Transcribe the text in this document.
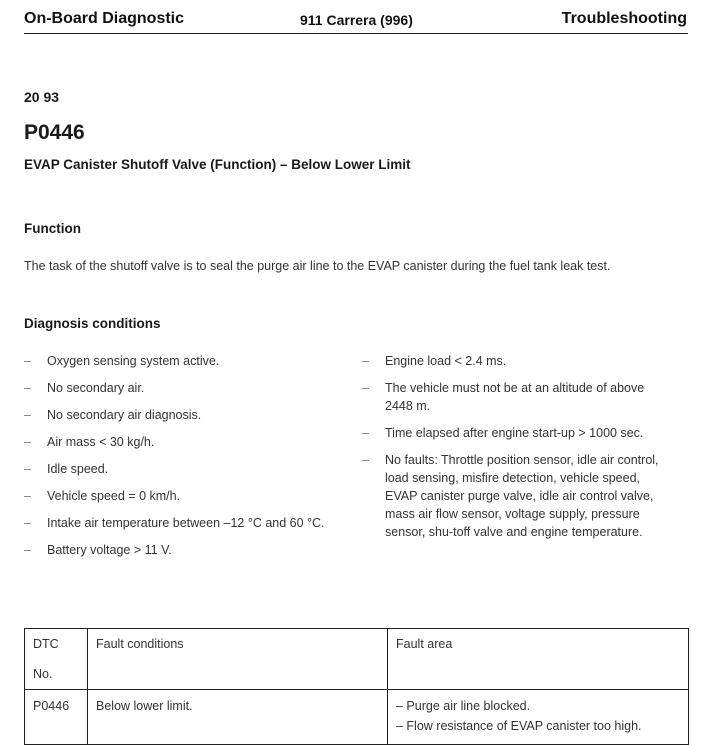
On-Board Diagnostic	911 Carrera (996)	Troubleshooting
20 93
P0446
EVAP Canister Shutoff Valve (Function) – Below Lower Limit
Function
The task of the shutoff valve is to seal the purge air line to the EVAP canister during the fuel tank leak test.
Diagnosis conditions
– Oxygen sensing system active.
– No secondary air.
– No secondary air diagnosis.
– Air mass < 30 kg/h.
– Idle speed.
– Vehicle speed = 0 km/h.
– Intake air temperature between –12 °C and 60 °C.
– Battery voltage > 11 V.
– Engine load < 2.4 ms.
– The vehicle must not be at an altitude of above 2448 m.
– Time elapsed after engine start-up > 1000 sec.
– No faults: Throttle position sensor, idle air control, load sensing, misfire detection, vehicle speed, EVAP canister purge valve, idle air control valve, mass air flow sensor, voltage supply, pressure sensor, shu-toff valve and engine temperature.
DTC No.	Fault conditions	Fault area
P0446	Below lower limit.	– Purge air line blocked.
– Flow resistance of EVAP canister too high.
